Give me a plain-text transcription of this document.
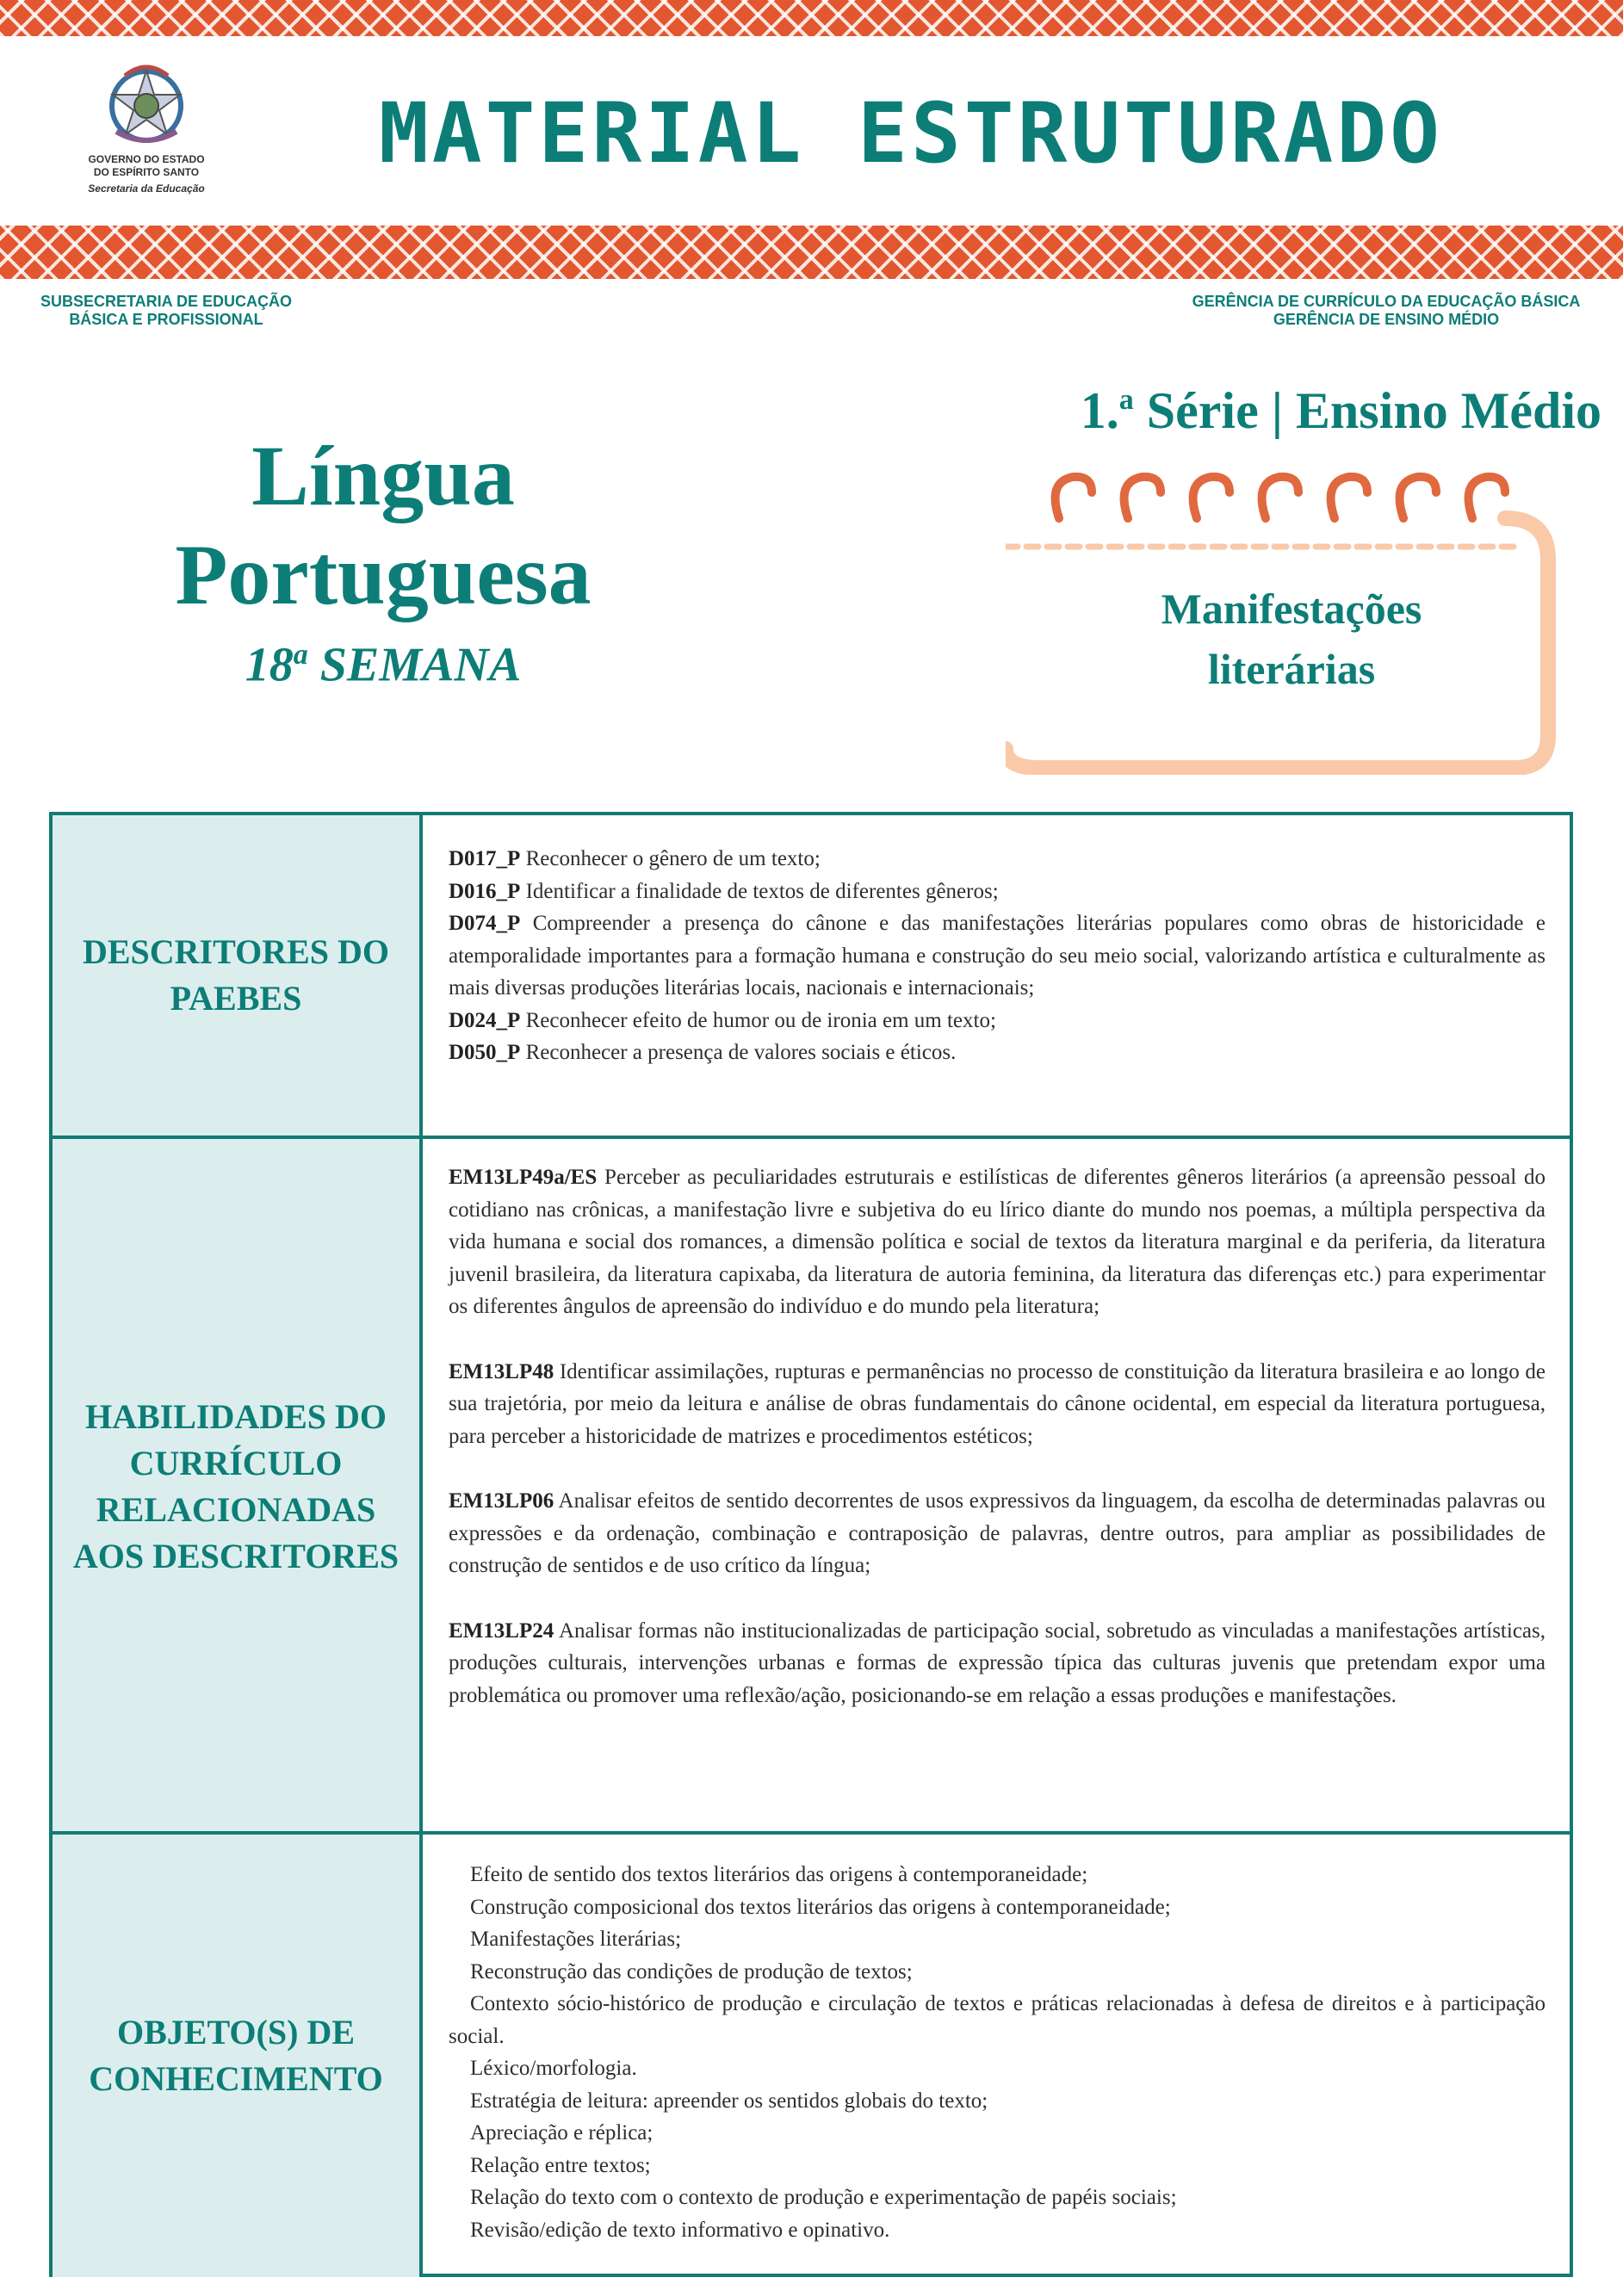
GOVERNO DO ESTADO
DO ESPÍRITO SANTO
Secretaria da Educação
MATERIAL ESTRUTURADO
SUBSECRETARIA DE EDUCAÇÃO
BÁSICA E PROFISSIONAL
GERÊNCIA DE CURRÍCULO DA EDUCAÇÃO BÁSICA
GERÊNCIA DE ENSINO MÉDIO
Língua
Portuguesa
18$^a$ SEMANA
1.$^a$ Série | Ensino Médio
Manifestações
literárias
DESCRITORES DO PAEBES

D017_P Reconhecer o gênero de um texto;

D016_P Identificar a finalidade de textos de diferentes gêneros;

D074_P Compreender a presença do cânone e das manifestações literárias populares como obras de historicidade e atemporalidade importantes para a formação humana e construção do seu meio social, valorizando artística e culturalmente as mais diversas produções literárias locais, nacionais e internacionais;

D024_P Reconhecer efeito de humor ou de ironia em um texto;

D050_P Reconhecer a presença de valores sociais e éticos.

HABILIDADES DO CURRÍCULO RELACIONADAS AOS DESCRITORES

EM13LP49a/ES Perceber as peculiaridades estruturais e estilísticas de diferentes gêneros literários (a apreensão pessoal do cotidiano nas crônicas, a manifestação livre e subjetiva do eu lírico diante do mundo nos poemas, a múltipla perspectiva da vida humana e social dos romances, a dimensão política e social de textos da literatura marginal e da periferia, da literatura juvenil brasileira, da literatura capixaba, da literatura de autoria feminina, da literatura das diferenças etc.) para experimentar os diferentes ângulos de apreensão do indivíduo e do mundo pela literatura;

EM13LP48 Identificar assimilações, rupturas e permanências no processo de constituição da literatura brasileira e ao longo de sua trajetória, por meio da leitura e análise de obras fundamentais do cânone ocidental, em especial da literatura portuguesa, para perceber a historicidade de matrizes e procedimentos estéticos;

EM13LP06 Analisar efeitos de sentido decorrentes de usos expressivos da linguagem, da escolha de determinadas palavras ou expressões e da ordenação, combinação e contraposição de palavras, dentre outros, para ampliar as possibilidades de construção de sentidos e de uso crítico da língua;

EM13LP24 Analisar formas não institucionalizadas de participação social, sobretudo as vinculadas a manifestações artísticas, produções culturais, intervenções urbanas e formas de expressão típica das culturas juvenis que pretendam expor uma problemática ou promover uma reflexão/ação, posicionando-se em relação a essas produções e manifestações.

OBJETO(S) DE CONHECIMENTO

Efeito de sentido dos textos literários das origens à contemporaneidade;

Construção composicional dos textos literários das origens à contemporaneidade;

Manifestações literárias;

Reconstrução das condições de produção de textos;

Contexto sócio-histórico de produção e circulação de textos e práticas relacionadas à defesa de direitos e à participação social.

Léxico/morfologia.

Estratégia de leitura: apreender os sentidos globais do texto;

Apreciação e réplica;

Relação entre textos;

Relação do texto com o contexto de produção e experimentação de papéis sociais;

Revisão/edição de texto informativo e opinativo.
